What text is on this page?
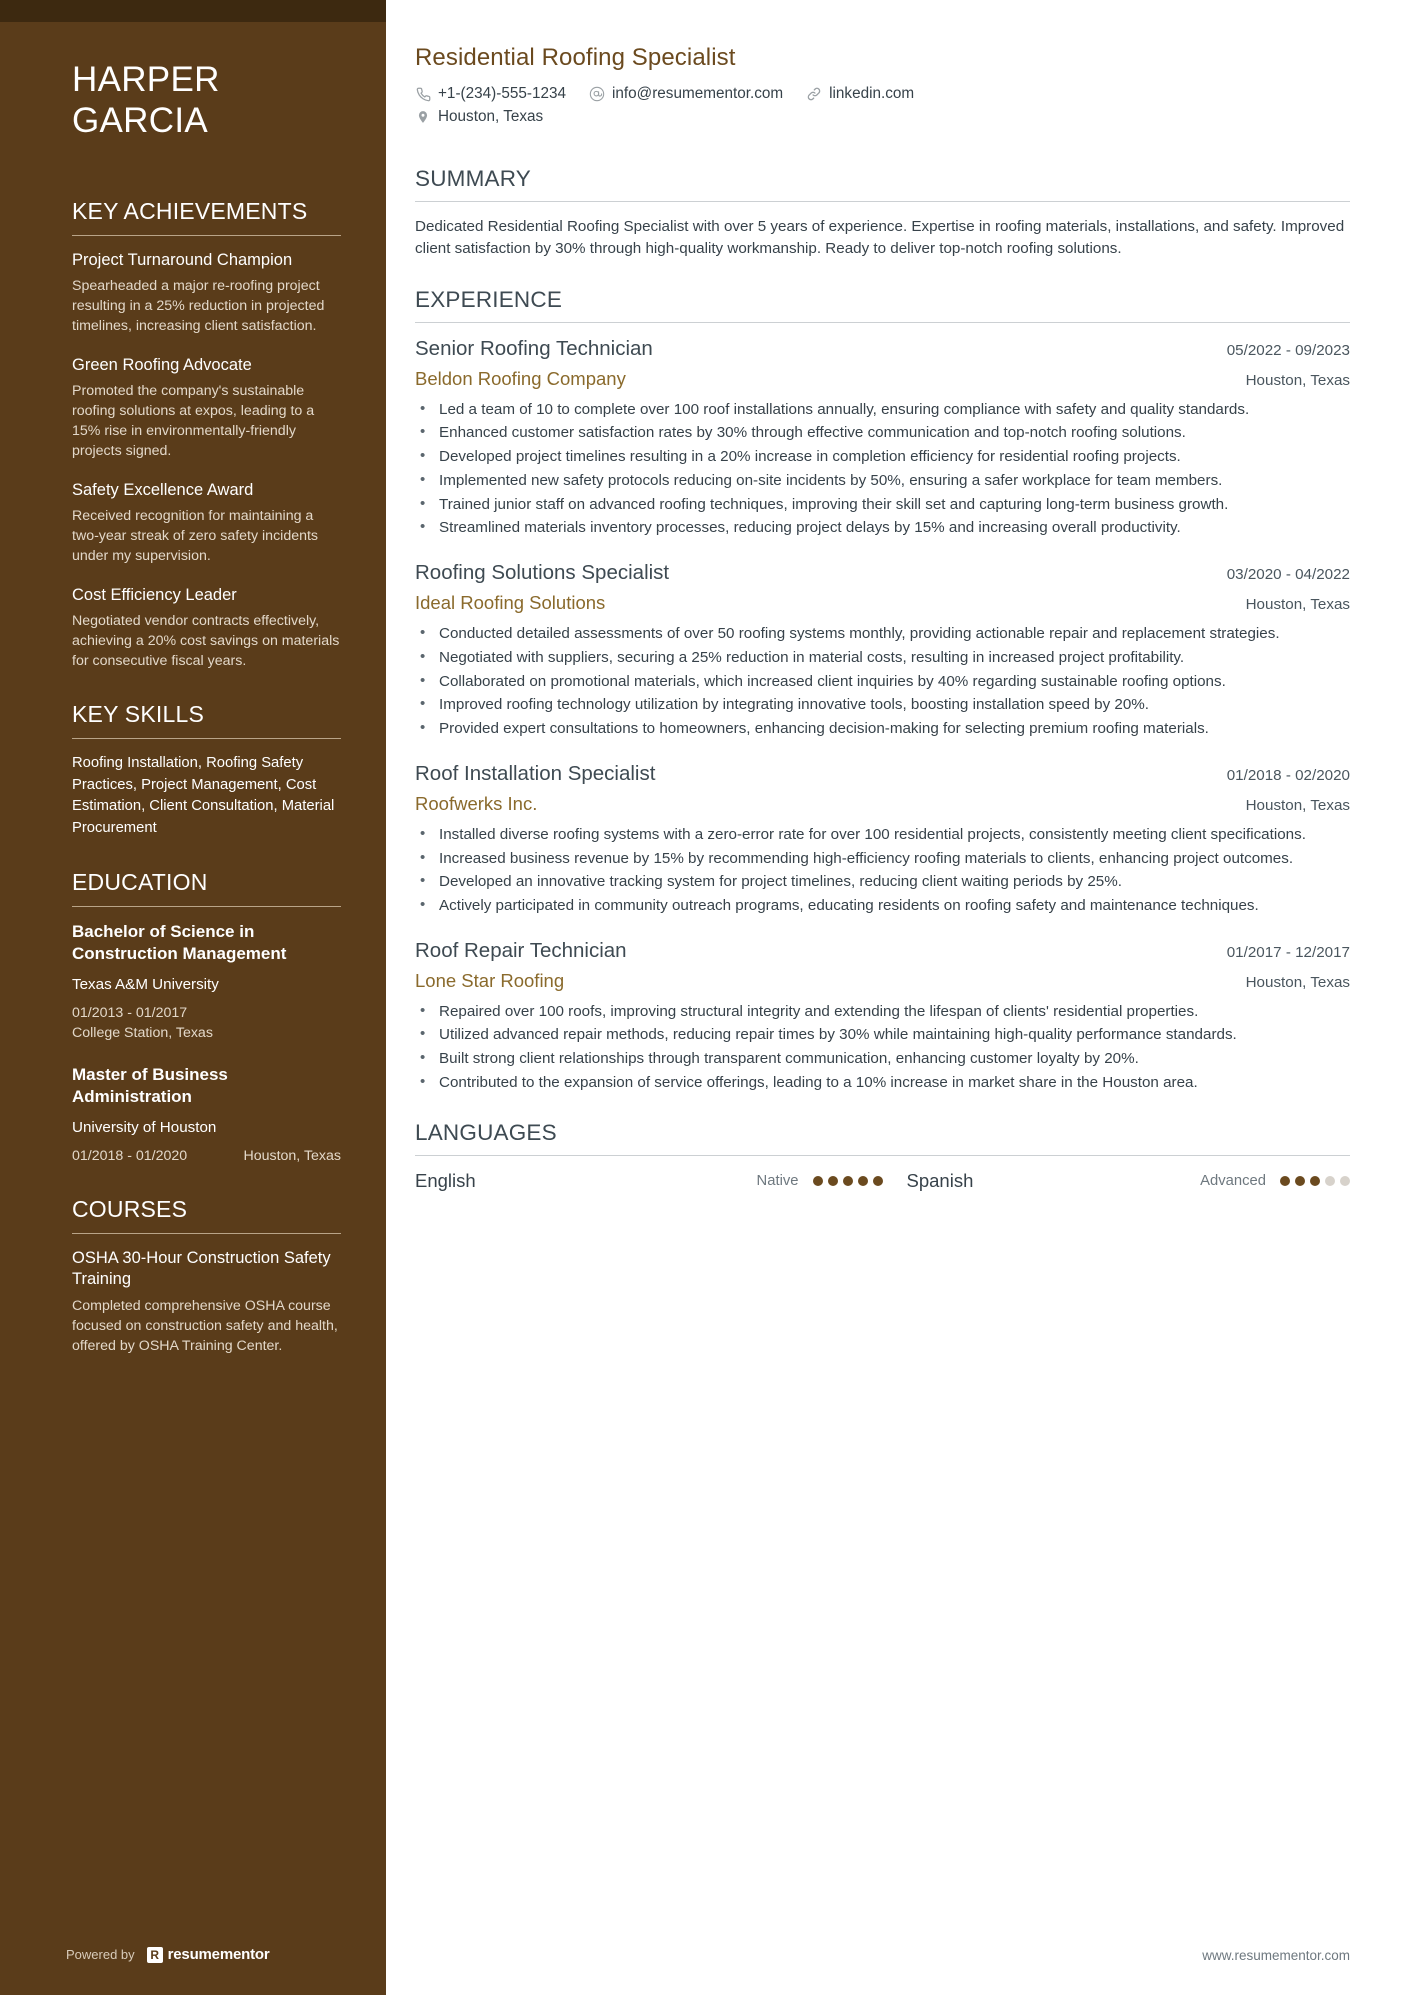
HARPER
GARCIA
KEY ACHIEVEMENTS
Project Turnaround Champion
Spearheaded a major re-roofing project resulting in a 25% reduction in projected timelines, increasing client satisfaction.
Green Roofing Advocate
Promoted the company's sustainable roofing solutions at expos, leading to a 15% rise in environmentally-friendly projects signed.
Safety Excellence Award
Received recognition for maintaining a two-year streak of zero safety incidents under my supervision.
Cost Efficiency Leader
Negotiated vendor contracts effectively, achieving a 20% cost savings on materials for consecutive fiscal years.
KEY SKILLS
Roofing Installation, Roofing Safety Practices, Project Management, Cost Estimation, Client Consultation, Material Procurement
EDUCATION
Bachelor of Science in Construction Management
Texas A&M University
01/2013 - 01/2017
College Station, Texas
Master of Business Administration
University of Houston
01/2018 - 01/2020	Houston, Texas
COURSES
OSHA 30-Hour Construction Safety Training
Completed comprehensive OSHA course focused on construction safety and health, offered by OSHA Training Center.
Powered by	R resumementor
Residential Roofing Specialist
+1-(234)-555-1234	info@resumementor.com	linkedin.com
Houston, Texas
SUMMARY

Dedicated Residential Roofing Specialist with over 5 years of experience. Expertise in roofing materials, installations, and safety. Improved client satisfaction by 30% through high-quality workmanship. Ready to deliver top-notch roofing solutions.

EXPERIENCE
Senior Roofing Technician	05/2022 - 09/2023
Beldon Roofing Company	Houston, Texas
• Led a team of 10 to complete over 100 roof installations annually, ensuring compliance with safety and quality standards.
• Enhanced customer satisfaction rates by 30% through effective communication and top-notch roofing solutions.
• Developed project timelines resulting in a 20% increase in completion efficiency for residential roofing projects.
• Implemented new safety protocols reducing on-site incidents by 50%, ensuring a safer workplace for team members.
• Trained junior staff on advanced roofing techniques, improving their skill set and capturing long-term business growth.
• Streamlined materials inventory processes, reducing project delays by 15% and increasing overall productivity.
Roofing Solutions Specialist	03/2020 - 04/2022
Ideal Roofing Solutions	Houston, Texas
• Conducted detailed assessments of over 50 roofing systems monthly, providing actionable repair and replacement strategies.
• Negotiated with suppliers, securing a 25% reduction in material costs, resulting in increased project profitability.
• Collaborated on promotional materials, which increased client inquiries by 40% regarding sustainable roofing options.
• Improved roofing technology utilization by integrating innovative tools, boosting installation speed by 20%.
• Provided expert consultations to homeowners, enhancing decision-making for selecting premium roofing materials.
Roof Installation Specialist	01/2018 - 02/2020
Roofwerks Inc.	Houston, Texas
• Installed diverse roofing systems with a zero-error rate for over 100 residential projects, consistently meeting client specifications.
• Increased business revenue by 15% by recommending high-efficiency roofing materials to clients, enhancing project outcomes.
• Developed an innovative tracking system for project timelines, reducing client waiting periods by 25%.
• Actively participated in community outreach programs, educating residents on roofing safety and maintenance techniques.
Roof Repair Technician	01/2017 - 12/2017
Lone Star Roofing	Houston, Texas
• Repaired over 100 roofs, improving structural integrity and extending the lifespan of clients' residential properties.
• Utilized advanced repair methods, reducing repair times by 30% while maintaining high-quality performance standards.
• Built strong client relationships through transparent communication, enhancing customer loyalty by 20%.
• Contributed to the expansion of service offerings, leading to a 10% increase in market share in the Houston area.
LANGUAGES
English	Native	Spanish	Advanced
www.resumementor.com
